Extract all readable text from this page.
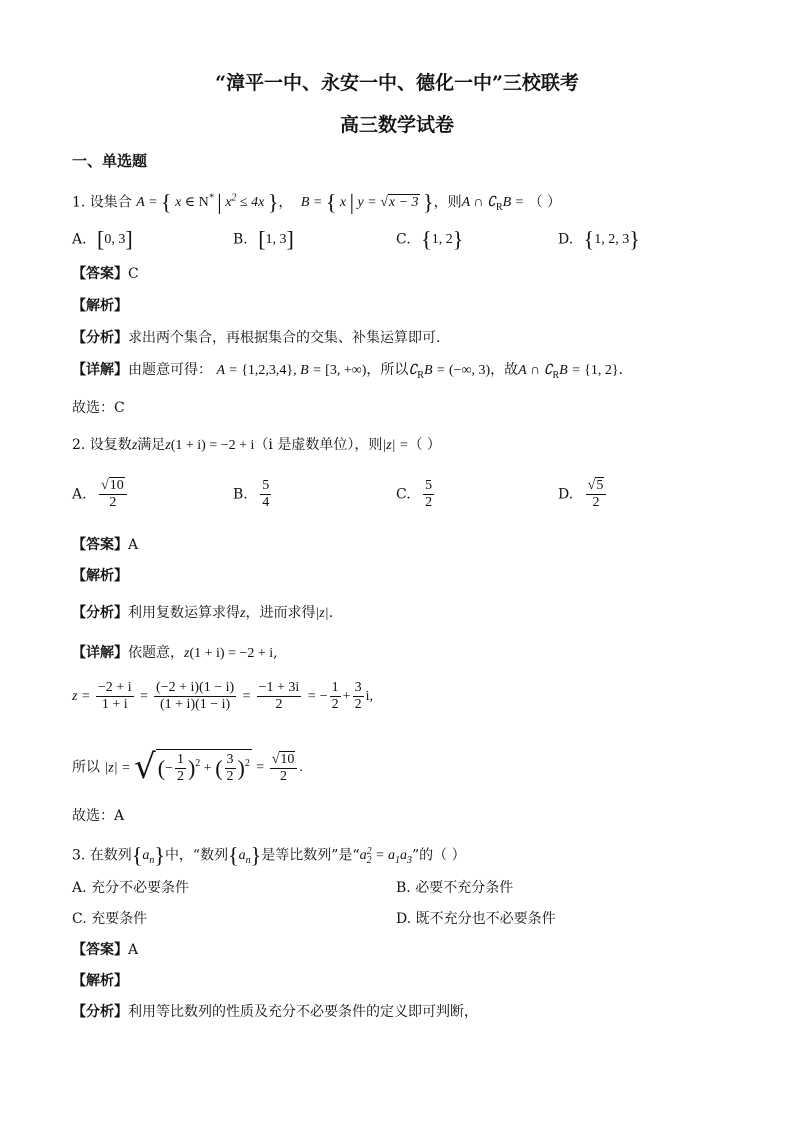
“漳平一中、永安一中、德化一中”三校联考
高三数学试卷
一、单选题
1. 设集合 A = { x ∈ N* | $x^2 \le 4x$ }， B = { x | y = √x − 3 }，则A ∩ $∁_RB$ = （ ）
A. [0, 3]	B. [1, 3]	C. {1, 2}	D. {1, 2, 3}
【答案】C
【解析】
【分析】求出两个集合，再根据集合的交集、补集运算即可.
【详解】由题意可得： A = {1,2,3,4}, B = [3, +∞)，所以$∁_RB$ = (−∞, 3)，故A ∩ $∁_RB = \{1$, 2}.
故选：C
2. 设复数z满足z(1 + i) = −2 + i（i 是虚数单位），则|z| =（ ）
A. $\frac{√10}{2}$	B. $\frac{5}{4}$	C. $\frac{5}{2}$	D. $\frac{√5}{2}$
【答案】A
【解析】
【分析】利用复数运算求得z，进而求得|z|.
【详解】依题意，z(1 + i) = −2 + i,
$z = \frac{-2 + i}{1 + i} = \frac{(-2 + i)(1 - i)}{(1 + i)(1 - i)} = \frac{-1 + 3i}{2}$ = − $\frac{1}{2} + \frac{3}{2} i$,
所以 |z| = √(− $\frac{1}{2} )^2$ + ( $\frac{3}{2} )^2 = \frac{√10}{2}$ .
故选：A
3. 在数列$\{a_n\}$中，“数列$\{a_n\}$是等比数列”是“$a_2^2 = a_1a_3$”的（ ）
A. 充分不必要条件	B. 必要不充分条件
C. 充要条件	D. 既不充分也不必要条件
【答案】A
【解析】
【分析】利用等比数列的性质及充分不必要条件的定义即可判断，
